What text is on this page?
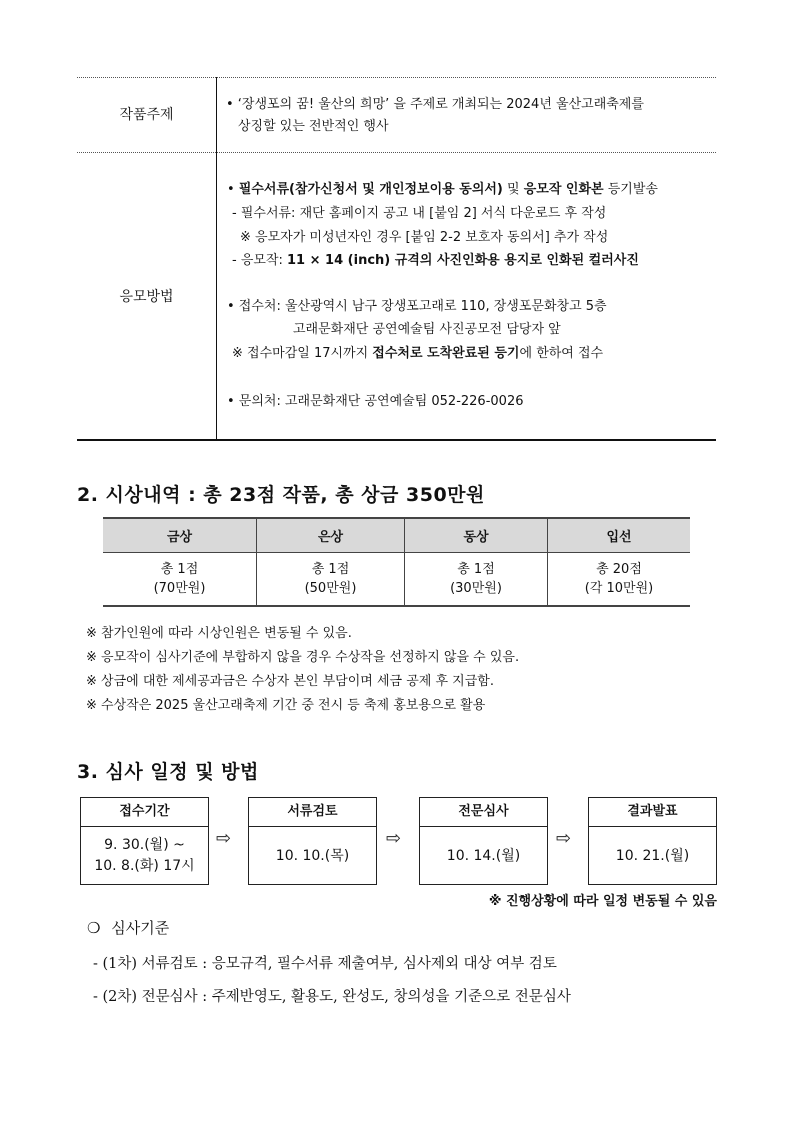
작품주제
• ‘장생포의 꿈! 울산의 희망’ 을 주제로 개최되는 2024년 울산고래축제를
상징할 있는 전반적인 행사
응모방법
• 필수서류(참가신청서 및 개인정보이용 동의서) 및 응모작 인화본 등기발송
- 필수서류: 재단 홈페이지 공고 내 [붙임 2] 서식 다운로드 후 작성
※ 응모자가 미성년자인 경우 [붙임 2-2 보호자 동의서] 추가 작성
- 응모작: 11 × 14 (inch) 규격의 사진인화용 용지로 인화된 컬러사진
• 접수처: 울산광역시 남구 장생포고래로 110, 장생포문화창고 5층
고래문화재단 공연예술팀 사진공모전 담당자 앞
※ 접수마감일 17시까지 접수처로 도착완료된 등기에 한하여 접수
• 문의처: 고래문화재단 공연예술팀 052-226-0026
2. 시상내역 : 총 23점 작품, 총 상금 350만원
금상	은상	동상	입선
총 1점
(70만원)	총 1점
(50만원)	총 1점
(30만원)	총 20점
(각 10만원)
※ 참가인원에 따라 시상인원은 변동될 수 있음.
※ 응모작이 심사기준에 부합하지 않을 경우 수상작을 선정하지 않을 수 있음.
※ 상금에 대한 제세공과금은 수상자 본인 부담이며 세금 공제 후 지급함.
※ 수상작은 2025 울산고래축제 기간 중 전시 등 축제 홍보용으로 활용
3. 심사 일정 및 방법
접수기간
9. 30.(월) ~
10. 8.(화) 17시
⇨
서류검토
10. 10.(목)
⇨
전문심사
10. 14.(월)
⇨
결과발표
10. 21.(월)
※ 진행상황에 따라 일정 변동될 수 있음
❍ 심사기준
- (1차) 서류검토 : 응모규격, 필수서류 제출여부, 심사제외 대상 여부 검토
- (2차) 전문심사 : 주제반영도, 활용도, 완성도, 창의성을 기준으로 전문심사
